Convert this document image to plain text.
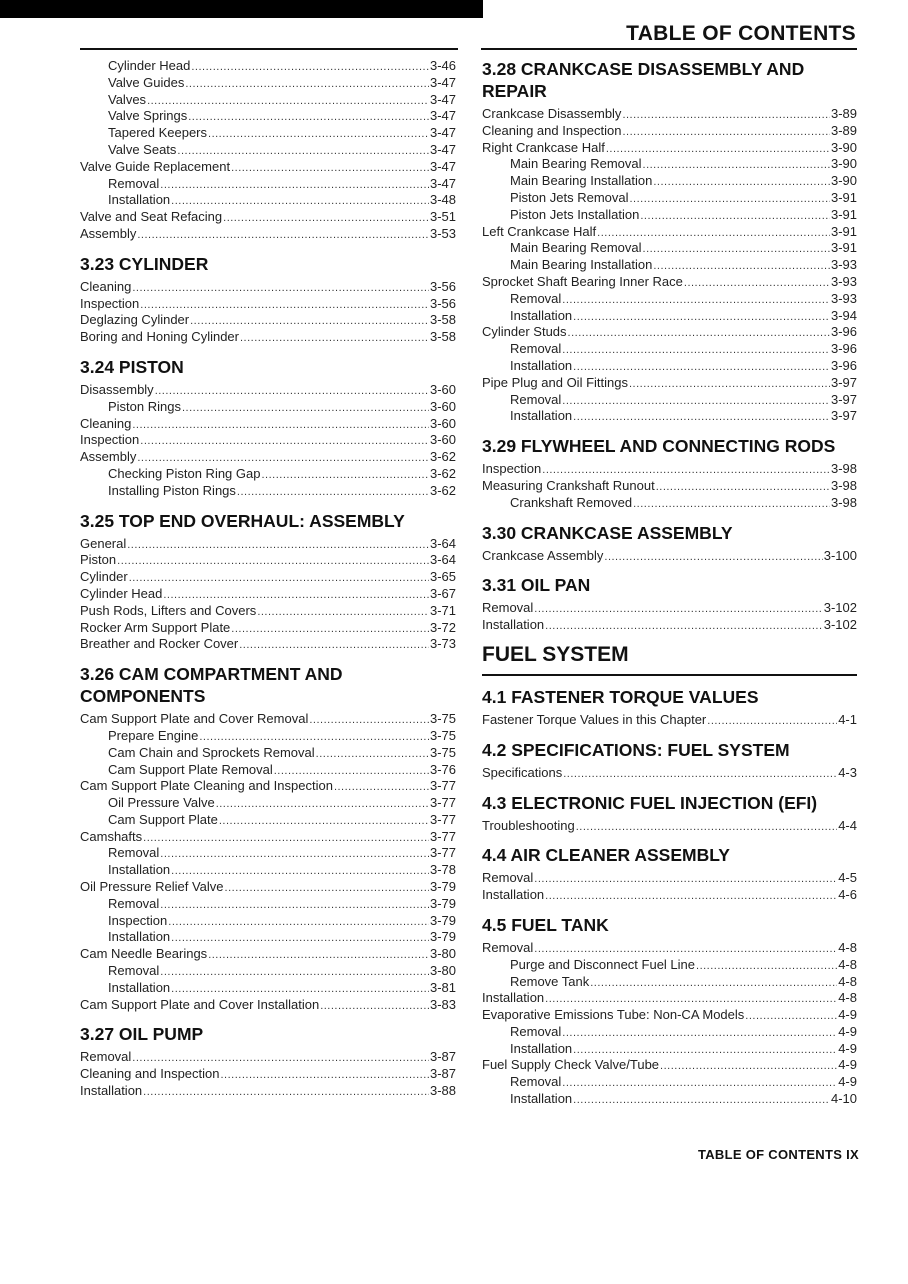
TABLE OF CONTENTS
Cylinder Head .....	3-46
Valve Guides .....	3-47
Valves .....	3-47
Valve Springs .....	3-47
Tapered Keepers .....	3-47
Valve Seats .....	3-47
Valve Guide Replacement .....	3-47
Removal .....	3-47
Installation .....	3-48
Valve and Seat Refacing .....	3-51
Assembly .....	3-53
3.23 CYLINDER
Cleaning .....	3-56
Inspection .....	3-56
Deglazing Cylinder .....	3-58
Boring and Honing Cylinder .....	3-58
3.24 PISTON
Disassembly .....	3-60
Piston Rings .....	3-60
Cleaning .....	3-60
Inspection .....	3-60
Assembly .....	3-62
Checking Piston Ring Gap .....	3-62
Installing Piston Rings .....	3-62
3.25 TOP END OVERHAUL: ASSEMBLY
General .....	3-64
Piston .....	3-64
Cylinder .....	3-65
Cylinder Head .....	3-67
Push Rods, Lifters and Covers .....	3-71
Rocker Arm Support Plate .....	3-72
Breather and Rocker Cover .....	3-73
3.26 CAM COMPARTMENT AND COMPONENTS
Cam Support Plate and Cover Removal .....	3-75
Prepare Engine .....	3-75
Cam Chain and Sprockets Removal .....	3-75
Cam Support Plate Removal .....	3-76
Cam Support Plate Cleaning and Inspection .....	3-77
Oil Pressure Valve .....	3-77
Cam Support Plate .....	3-77
Camshafts .....	3-77
Removal .....	3-77
Installation .....	3-78
Oil Pressure Relief Valve .....	3-79
Removal .....	3-79
Inspection .....	3-79
Installation .....	3-79
Cam Needle Bearings .....	3-80
Removal .....	3-80
Installation .....	3-81
Cam Support Plate and Cover Installation .....	3-83
3.27 OIL PUMP
Removal .....	3-87
Cleaning and Inspection .....	3-87
Installation .....	3-88
3.28 CRANKCASE DISASSEMBLY AND REPAIR
Crankcase Disassembly .....	3-89
Cleaning and Inspection .....	3-89
Right Crankcase Half .....	3-90
Main Bearing Removal .....	3-90
Main Bearing Installation .....	3-90
Piston Jets Removal .....	3-91
Piston Jets Installation .....	3-91
Left Crankcase Half .....	3-91
Main Bearing Removal .....	3-91
Main Bearing Installation .....	3-93
Sprocket Shaft Bearing Inner Race .....	3-93
Removal .....	3-93
Installation .....	3-94
Cylinder Studs .....	3-96
Removal .....	3-96
Installation .....	3-96
Pipe Plug and Oil Fittings .....	3-97
Removal .....	3-97
Installation .....	3-97
3.29 FLYWHEEL AND CONNECTING RODS
Inspection .....	3-98
Measuring Crankshaft Runout .....	3-98
Crankshaft Removed .....	3-98
3.30 CRANKCASE ASSEMBLY
Crankcase Assembly .....	3-100
3.31 OIL PAN
Removal .....	3-102
Installation .....	3-102
FUEL SYSTEM
4.1 FASTENER TORQUE VALUES
Fastener Torque Values in this Chapter .....	4-1
4.2 SPECIFICATIONS: FUEL SYSTEM
Specifications .....	4-3
4.3 ELECTRONIC FUEL INJECTION (EFI)
Troubleshooting .....	4-4
4.4 AIR CLEANER ASSEMBLY
Removal .....	4-5
Installation .....	4-6
4.5 FUEL TANK
Removal .....	4-8
Purge and Disconnect Fuel Line .....	4-8
Remove Tank .....	4-8
Installation .....	4-8
Evaporative Emissions Tube: Non-CA Models .....	4-9
Removal .....	4-9
Installation .....	4-9
Fuel Supply Check Valve/Tube .....	4-9
Removal .....	4-9
Installation .....	4-10
TABLE OF CONTENTS IX
